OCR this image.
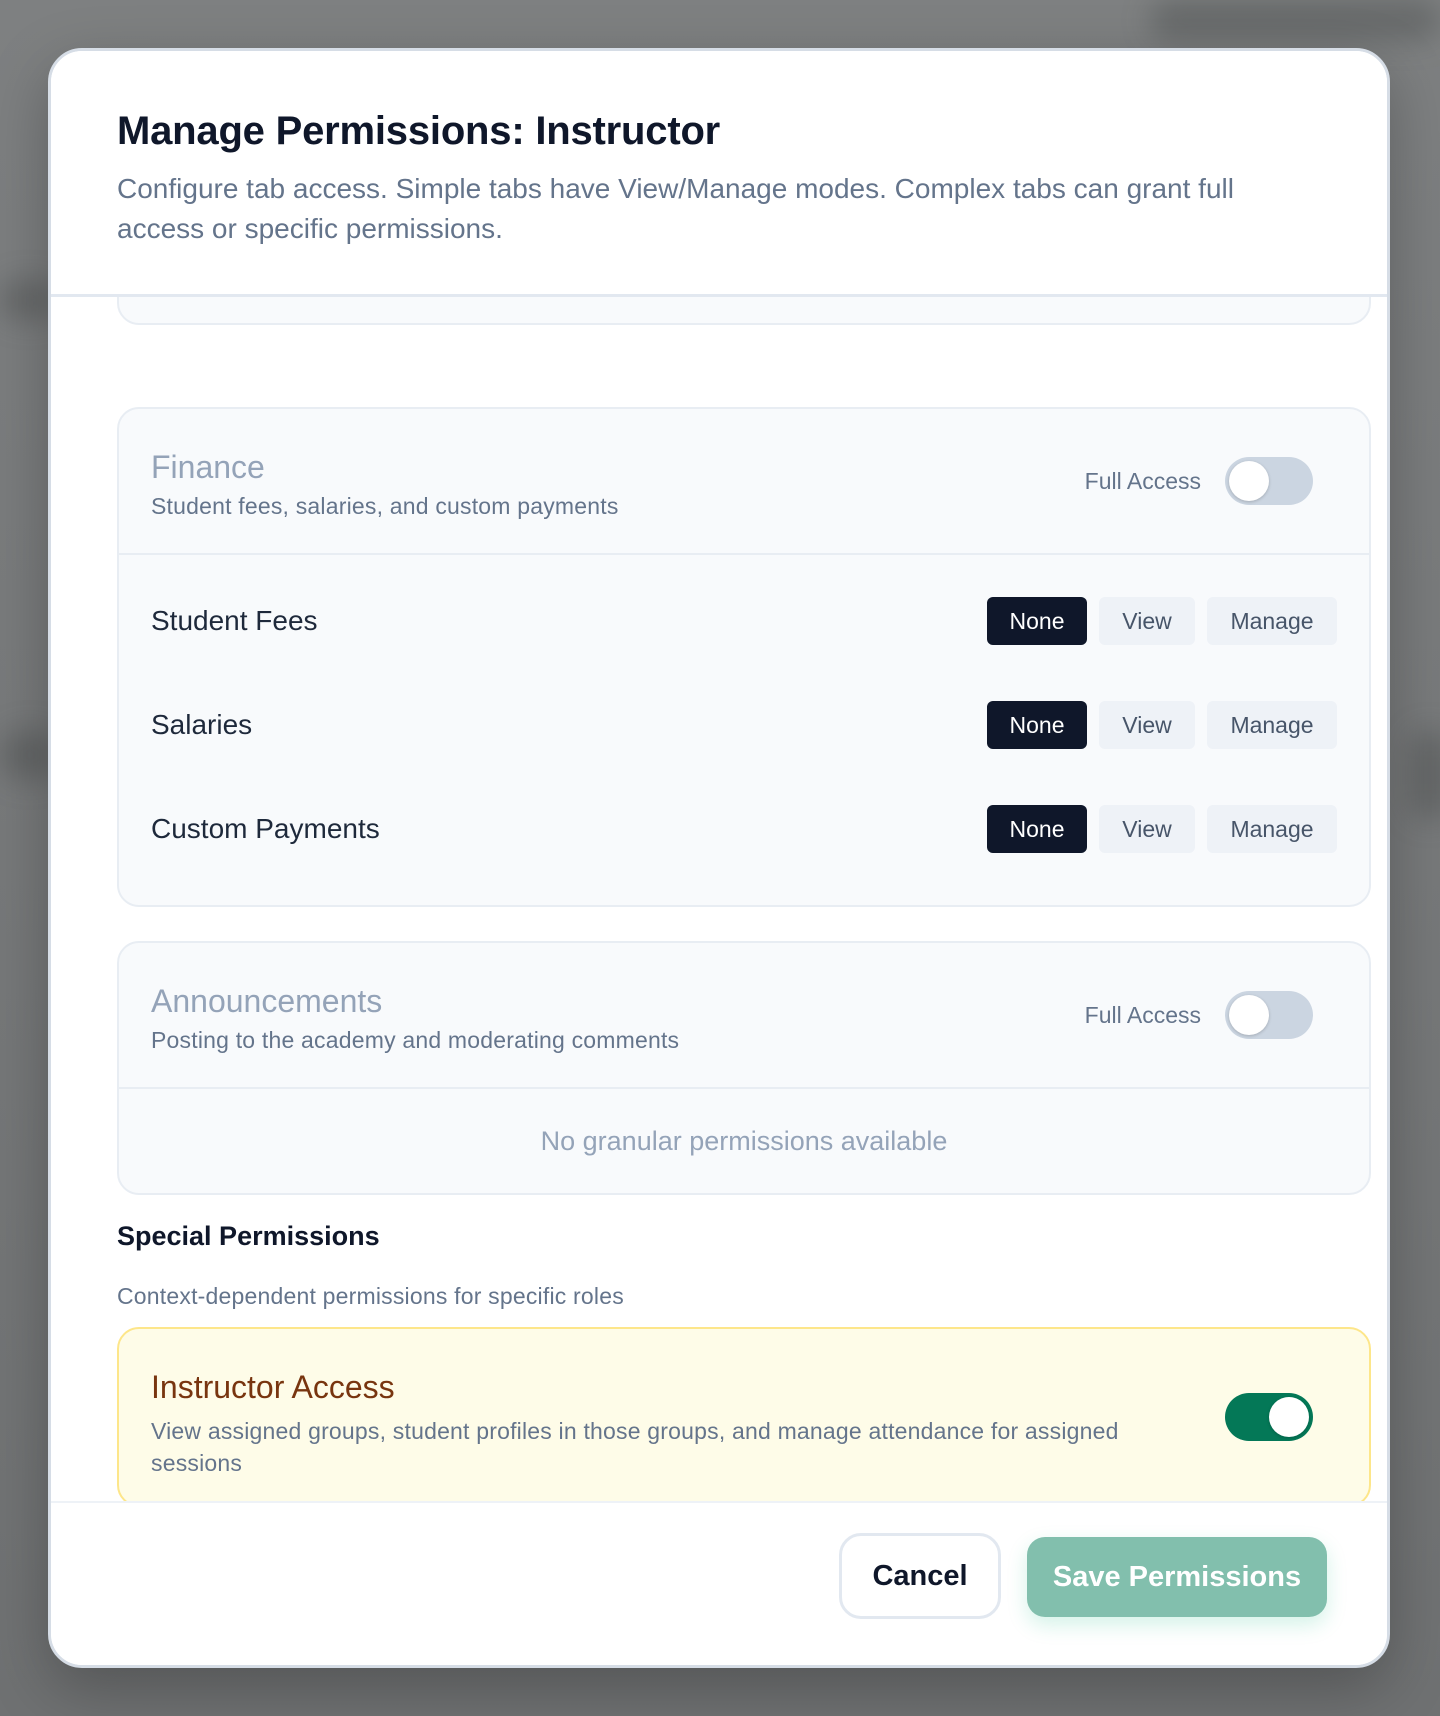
Manage Permissions: Instructor
Configure tab access. Simple tabs have View/Manage modes. Complex tabs can grant full access or specific permissions.
Finance
Student fees, salaries, and custom payments
Full Access
Student Fees	None	View	Manage
Salaries	None	View	Manage
Custom Payments	None	View	Manage
Announcements
Posting to the academy and moderating comments
Full Access
No granular permissions available
Special Permissions
Context-dependent permissions for specific roles
Instructor Access
View assigned groups, student profiles in those groups, and manage attendance for assigned sessions
Cancel	Save Permissions
